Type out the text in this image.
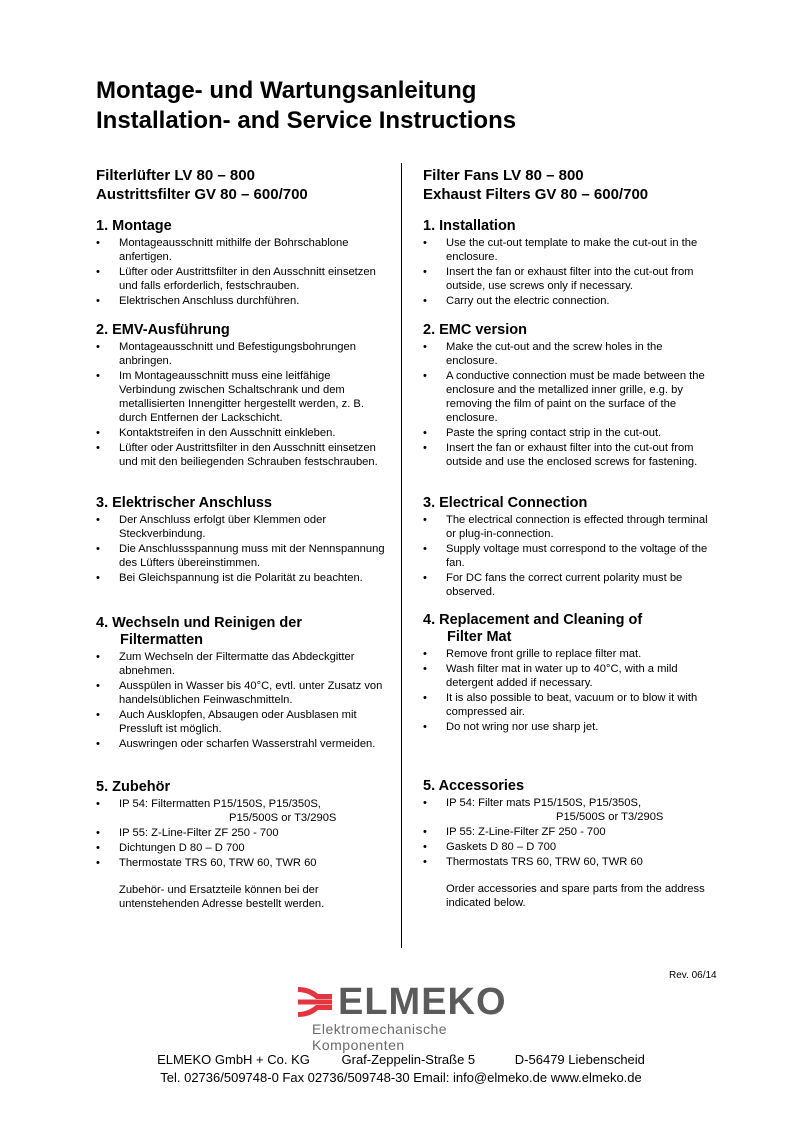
Montage- und Wartungsanleitung
Installation- and Service Instructions

Filterlüfter LV 80 – 800
Austrittsfilter GV 80 – 600/700

1. Montage
• Montageausschnitt mithilfe der Bohrschablone anfertigen.
• Lüfter oder Austrittsfilter in den Ausschnitt einsetzen und falls erforderlich, festschrauben.
• Elektrischen Anschluss durchführen.
2. EMV-Ausführung
• Montageausschnitt und Befestigungsbohrungen anbringen.
• Im Montageausschnitt muss eine leitfähige Verbindung zwischen Schaltschrank und dem metallisierten Innengitter hergestellt werden, z. B. durch Entfernen der Lackschicht.
• Kontaktstreifen in den Ausschnitt einkleben.
• Lüfter oder Austrittsfilter in den Ausschnitt einsetzen und mit den beiliegenden Schrauben festschrauben.
3. Elektrischer Anschluss
• Der Anschluss erfolgt über Klemmen oder Steckverbindung.
• Die Anschlussspannung muss mit der Nennspannung des Lüfters übereinstimmen.
• Bei Gleichspannung ist die Polarität zu beachten.
4. Wechseln und Reinigen der
Filtermatten
• Zum Wechseln der Filtermatte das Abdeckgitter abnehmen.
• Ausspülen in Wasser bis 40°C, evtl. unter Zusatz von handelsüblichen Feinwaschmitteln.
• Auch Ausklopfen, Absaugen oder Ausblasen mit Pressluft ist möglich.
• Auswringen oder scharfen Wasserstrahl vermeiden.
5. Zubehör
• IP 54: Filtermatten P15/150S, P15/350S,
P15/500S or T3/290S
• IP 55: Z-Line-Filter ZF 250 - 700
• Dichtungen D 80 – D 700
• Thermostate TRS 60, TRW 60, TWR 60

Zubehör- und Ersatzteile können bei der untenstehenden Adresse bestellt werden.

Filter Fans LV 80 – 800
Exhaust Filters GV 80 – 600/700

1. Installation
• Use the cut-out template to make the cut-out in the enclosure.
• Insert the fan or exhaust filter into the cut-out from outside, use screws only if necessary.
• Carry out the electric connection.
2. EMC version
• Make the cut-out and the screw holes in the enclosure.
• A conductive connection must be made between the enclosure and the metallized inner grille, e.g. by removing the film of paint on the surface of the enclosure.
• Paste the spring contact strip in the cut-out.
• Insert the fan or exhaust filter into the cut-out from outside and use the enclosed screws for fastening.
3. Electrical Connection
• The electrical connection is effected through terminal or plug-in-connection.
• Supply voltage must correspond to the voltage of the fan.
• For DC fans the correct current polarity must be observed.
4. Replacement and Cleaning of
Filter Mat
• Remove front grille to replace filter mat.
• Wash filter mat in water up to 40°C, with a mild detergent added if necessary.
• It is also possible to beat, vacuum or to blow it with compressed air.
• Do not wring nor use sharp jet.
5. Accessories
• IP 54: Filter mats P15/150S, P15/350S,
P15/500S or T3/290S
• IP 55: Z-Line-Filter ZF 250 - 700
• Gaskets D 80 – D 700
• Thermostats TRS 60, TRW 60, TWR 60

Order accessories and spare parts from the address indicated below.

Rev. 06/14
ELMEKO
Elektromechanische Komponenten
ELMEKO GmbH + Co. KG Graf-Zeppelin-Straße 5	D-56479 Liebenscheid
Tel. 02736/509748-0 Fax 02736/509748-30 Email: info@elmeko.de www.elmeko.de
